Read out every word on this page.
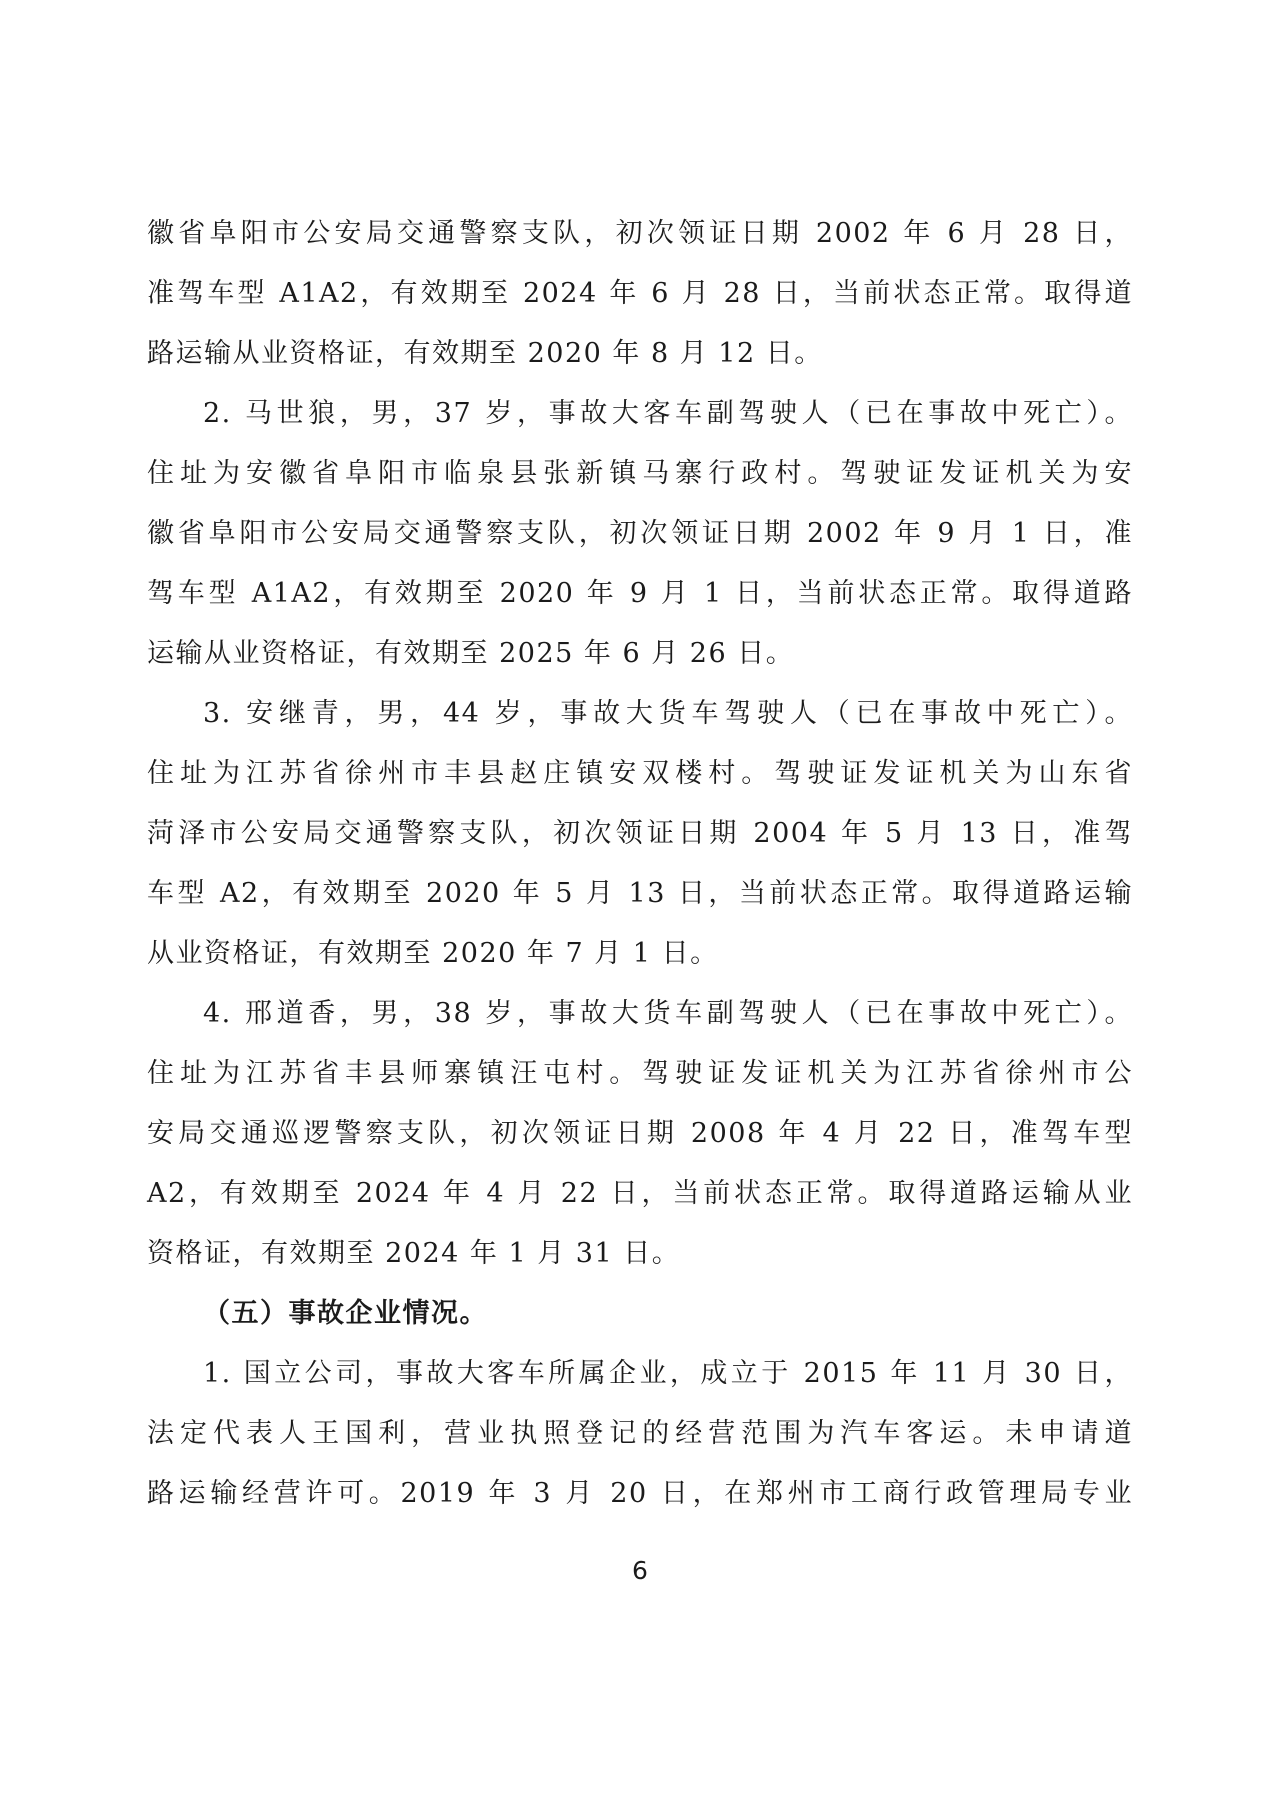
徽省阜阳市公安局交通警察支队，初次领证日期 2002 年 6 月 28 日，
准驾车型 A1A2，有效期至 2024 年 6 月 28 日，当前状态正常。取得道
路运输从业资格证，有效期至 2020 年 8 月 12 日。
2. 马世狼，男，37 岁，事故大客车副驾驶人（已在事故中死亡）。
住址为安徽省阜阳市临泉县张新镇马寨行政村。驾驶证发证机关为安
徽省阜阳市公安局交通警察支队，初次领证日期 2002 年 9 月 1 日，准
驾车型 A1A2，有效期至 2020 年 9 月 1 日，当前状态正常。取得道路
运输从业资格证，有效期至 2025 年 6 月 26 日。
3. 安继青，男，44 岁，事故大货车驾驶人（已在事故中死亡）。
住址为江苏省徐州市丰县赵庄镇安双楼村。驾驶证发证机关为山东省
菏泽市公安局交通警察支队，初次领证日期 2004 年 5 月 13 日，准驾
车型 A2，有效期至 2020 年 5 月 13 日，当前状态正常。取得道路运输
从业资格证，有效期至 2020 年 7 月 1 日。
4. 邢道香，男，38 岁，事故大货车副驾驶人（已在事故中死亡）。
住址为江苏省丰县师寨镇汪屯村。驾驶证发证机关为江苏省徐州市公
安局交通巡逻警察支队，初次领证日期 2008 年 4 月 22 日，准驾车型
A2，有效期至 2024 年 4 月 22 日，当前状态正常。取得道路运输从业
资格证，有效期至 2024 年 1 月 31 日。
（五）事故企业情况。
1. 国立公司，事故大客车所属企业，成立于 2015 年 11 月 30 日，
法定代表人王国利，营业执照登记的经营范围为汽车客运。未申请道
路运输经营许可。2019 年 3 月 20 日，在郑州市工商行政管理局专业
6
